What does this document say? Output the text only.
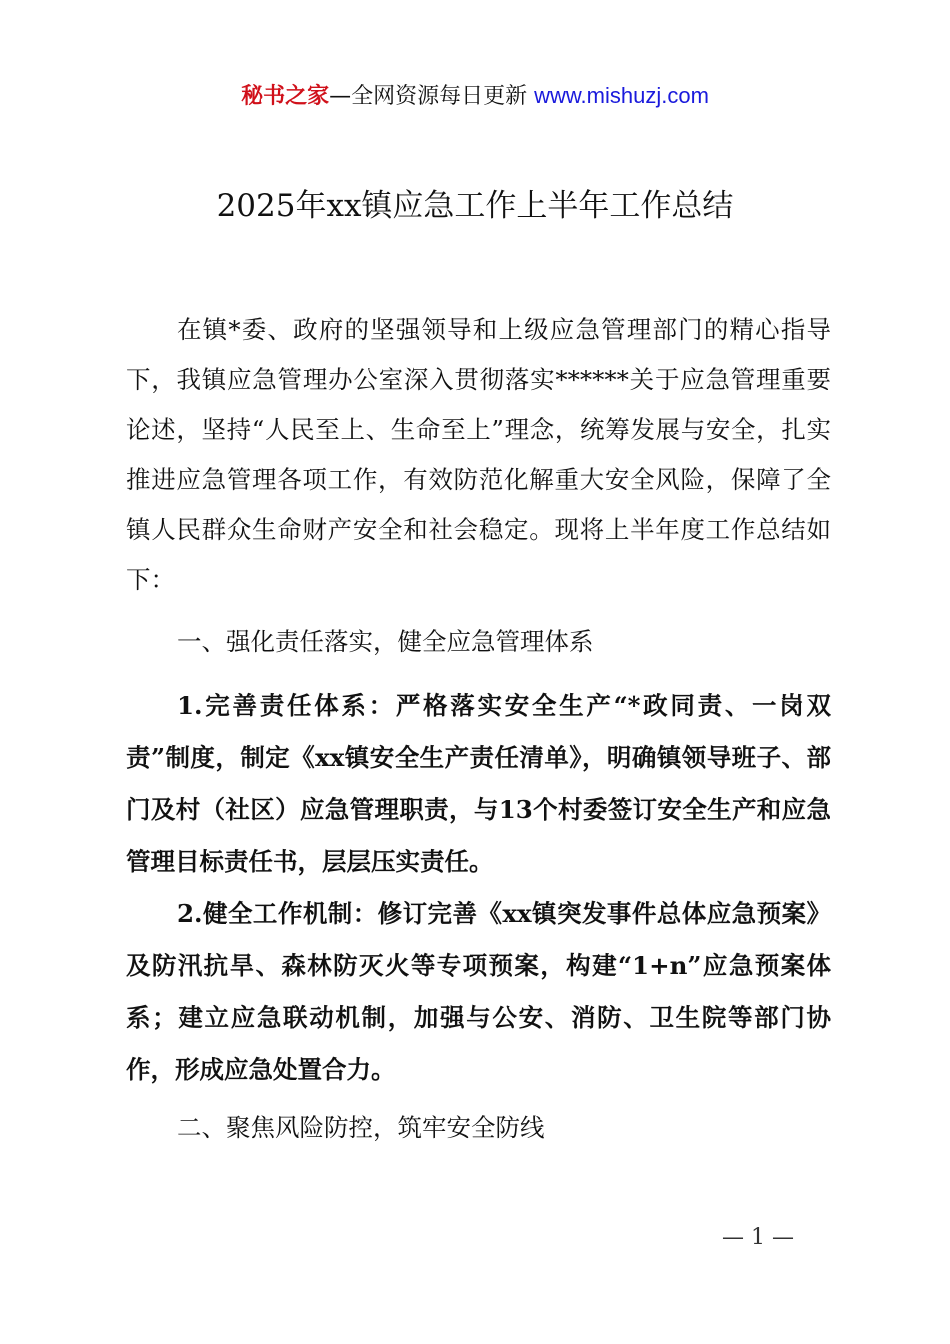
秘书之家—全网资源每日更新 www.mishuzj.com
2025年xx镇应急工作上半年工作总结

在镇*委、政府的坚强领导和上级应急管理部门的精心指导下，我镇应急管理办公室深入贯彻落实******关于应急管理重要论述，坚持“人民至上、生命至上”理念，统筹发展与安全，扎实推进应急管理各项工作，有效防范化解重大安全风险，保障了全镇人民群众生命财产安全和社会稳定。现将上半年度工作总结如下：

一、强化责任落实，健全应急管理体系

1.完善责任体系：严格落实安全生产“*政同责、一岗双责”制度，制定《xx镇安全生产责任清单》，明确镇领导班子、部门及村（社区）应急管理职责，与13个村委签订安全生产和应急管理目标责任书，层层压实责任。

2.健全工作机制：修订完善《xx镇突发事件总体应急预案》及防汛抗旱、森林防灭火等专项预案，构建“1+n”应急预案体系；建立应急联动机制，加强与公安、消防、卫生院等部门协作，形成应急处置合力。

二、聚焦风险防控，筑牢安全防线

— 1 —
